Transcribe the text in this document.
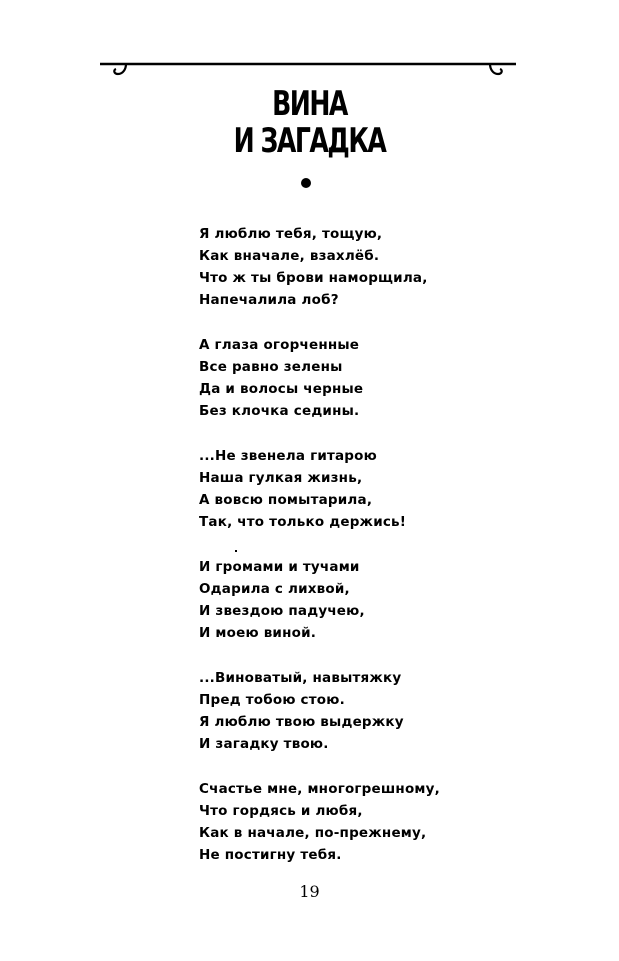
ВИНА
И ЗАГАДКА
Я люблю тебя, тощую,
Как вначале, взахлёб.
Что ж ты брови наморщила,
Напечалила лоб?
А глаза огорченные
Все равно зелены
Да и волосы черные
Без клочка седины.
...Не звенела гитарою
Наша гулкая жизнь,
А вовсю помытарила,
Так, что только держись!
И громами и тучами
Одарила с лихвой,
И звездою падучею,
И моею виной.
...Виноватый, навытяжку
Пред тобою стою.
Я люблю твою выдержку
И загадку твою.
Счастье мне, многогрешному,
Что гордясь и любя,
Как в начале, по-прежнему,
Не постигну тебя.
19
